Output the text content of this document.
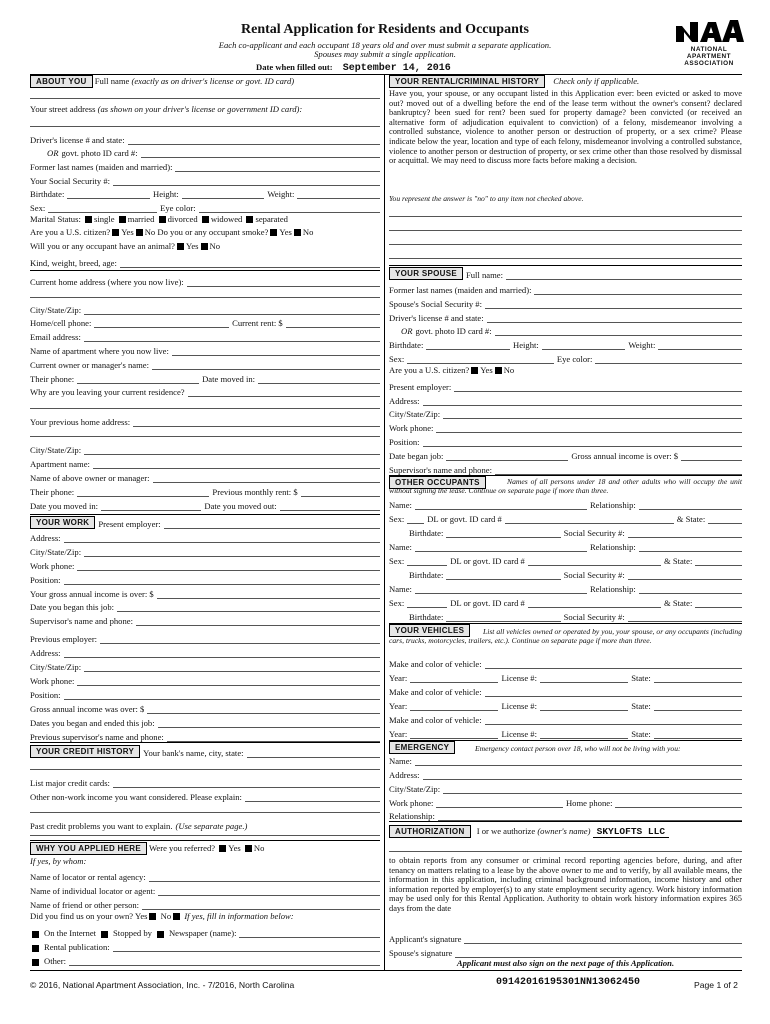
Rental Application for Residents and Occupants
Each co-applicant and each occupant 18 years old and over must submit a separate application.
Spouses may submit a single application.
Date when filled out: September 14, 2016
NATIONAL
APARTMENT
ASSOCIATION
ABOUT YOU Full name (exactly as on driver's license or govt. ID card)
Your street address (as shown on your driver's license or government ID card):
Driver's license # and state:
OR govt. photo ID card #:
Former last names (maiden and married):
Your Social Security #:
Birthdate:	Height:	Weight:
Sex:	Eye color:
Marital Status: single married divorced widowed separated
Are you a U.S. citizen? Yes No Do you or any occupant smoke? Yes No
Will you or any occupant have an animal? Yes No
Kind, weight, breed, age:
Current home address (where you now live):
City/State/Zip:
Home/cell phone:	Current rent: $
Email address:
Name of apartment where you now live:
Current owner or manager's name:
Their phone:	Date moved in:
Why are you leaving your current residence?
Your previous home address:
City/State/Zip:
Apartment name:
Name of above owner or manager:
Their phone:	Previous monthly rent: $
Date you moved in:	Date you moved out:
YOUR WORK	Present employer:
Address:
City/State/Zip:
Work phone:
Position:
Your gross annual income is over: $
Date you began this job:
Supervisor's name and phone:
Previous employer:
Address:
City/State/Zip:
Work phone:
Position:
Gross annual income was over: $
Dates you began and ended this job:
Previous supervisor's name and phone:
YOUR CREDIT HISTORY	Your bank's name, city, state:
List major credit cards:
Other non-work income you want considered. Please explain:
Past credit problems you want to explain. (Use separate page.)
WHY YOU APPLIED HERE Were you referred? Yes No
If yes, by whom:
Name of locator or rental agency:
Name of individual locator or agent:
Name of friend or other person:
Did you find us on your own? Yes No If yes, fill in information below:
On the Internet Stopped by Newspaper (name):
Rental publication:
Other:
YOUR RENTAL/CRIMINAL HISTORY Check only if applicable.
Have you, your spouse, or any occupant listed in this Application ever: been evicted or asked to move out? moved out of a dwelling before the end of the lease term without the owner's consent? declared bankruptcy? been sued for rent? been sued for property damage? been convicted (or received an alternative form of adjudication equivalent to conviction) of a felony, misdemeanor involving a controlled substance, violence to another person or destruction of property, or a sex crime? Please indicate below the year, location and type of each felony, misdemeanor involving a controlled substance, violence to another person or destruction of property, or sex crime other than those resolved by dismissal or acquittal. We may need to discuss more facts before making a decision.
You represent the answer is "no" to any item not checked above.
YOUR SPOUSE	Full name:
Former last names (maiden and married):
Spouse's Social Security #:
Driver's license # and state:
OR govt. photo ID card #:
Birthdate:	Height:	Weight:
Sex:	Eye color:
Are you a U.S. citizen? Yes No
Present employer:
Address:
City/State/Zip:
Work phone:
Position:
Date began job:	Gross annual income is over: $
Supervisor's name and phone:
OTHER OCCUPANTS	Names of all persons under 18 and other adults who will occupy the unit without signing the lease. Continue on separate page if more than three.
Name:	Relationship:
Sex:	DL or govt. ID card #	& State:
Birthdate:	Social Security #:
Name:	Relationship:
Sex:	DL or govt. ID card #	& State:
Birthdate:	Social Security #:
Name:	Relationship:
Sex:	DL or govt. ID card #	& State:
Birthdate:	Social Security #:
YOUR VEHICLES	List all vehicles owned or operated by you, your spouse, or any occupants (including cars, trucks, motorcycles, trailers, etc.). Continue on separate page if more than three.
Make and color of vehicle:
Year:	License #:	State:
Make and color of vehicle:
Year:	License #:	State:
Make and color of vehicle:
Year:	License #:	State:
EMERGENCY	Emergency contact person over 18, who will not be living with you:
Name:
Address:
City/State/Zip:
Work phone:	Home phone:
Relationship:
AUTHORIZATION I or we authorize (owner's name) SKYLOFTS LLC
to obtain reports from any consumer or criminal record reporting agencies before, during, and after tenancy on matters relating to a lease by the above owner to me and to verify, by all available means, the information in this application, including criminal background information, income history and other information reported by employer(s) to any state employment security agency. Work history information may be used only for this Rental Application. Authority to obtain work history information expires 365 days from the date
Applicant's signature
Spouse's signature
Applicant must also sign on the next page of this Application.
© 2016, National Apartment Association, Inc. - 7/2016, North Carolina	09142016195301NN13062450	Page 1 of 2
